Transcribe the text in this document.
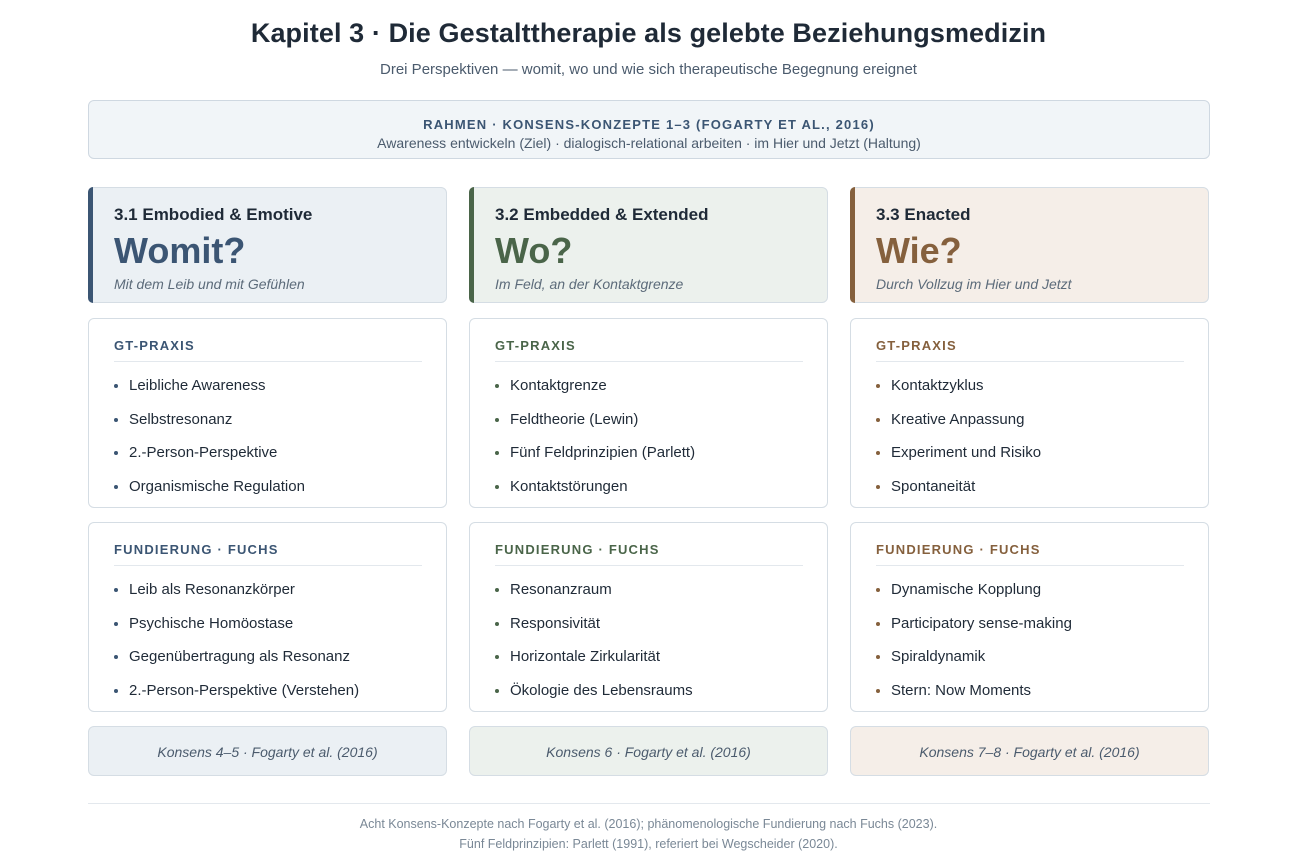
Kapitel 3 · Die Gestalttherapie als gelebte Beziehungsmedizin
Drei Perspektiven — womit, wo und wie sich therapeutische Begegnung ereignet
RAHMEN · KONSENS-KONZEPTE 1–3 (FOGARTY ET AL., 2016)
Awareness entwickeln (Ziel) · dialogisch-relational arbeiten · im Hier und Jetzt (Haltung)
3.1 Embodied & Emotive
Womit?
Mit dem Leib und mit Gefühlen
GT-PRAXIS
Leibliche Awareness
Selbstresonanz
2.-Person-Perspektive
Organismische Regulation
FUNDIERUNG · FUCHS
Leib als Resonanzkörper
Psychische Homöostase
Gegenübertragung als Resonanz
2.-Person-Perspektive (Verstehen)
Konsens 4–5 · Fogarty et al. (2016)
3.2 Embedded & Extended
Wo?
Im Feld, an der Kontaktgrenze
GT-PRAXIS
Kontaktgrenze
Feldtheorie (Lewin)
Fünf Feldprinzipien (Parlett)
Kontaktstörungen
FUNDIERUNG · FUCHS
Resonanzraum
Responsivität
Horizontale Zirkularität
Ökologie des Lebensraums
Konsens 6 · Fogarty et al. (2016)
3.3 Enacted
Wie?
Durch Vollzug im Hier und Jetzt
GT-PRAXIS
Kontaktzyklus
Kreative Anpassung
Experiment und Risiko
Spontaneität
FUNDIERUNG · FUCHS
Dynamische Kopplung
Participatory sense-making
Spiraldynamik
Stern: Now Moments
Konsens 7–8 · Fogarty et al. (2016)
Acht Konsens-Konzepte nach Fogarty et al. (2016); phänomenologische Fundierung nach Fuchs (2023).
Fünf Feldprinzipien: Parlett (1991), referiert bei Wegscheider (2020).
